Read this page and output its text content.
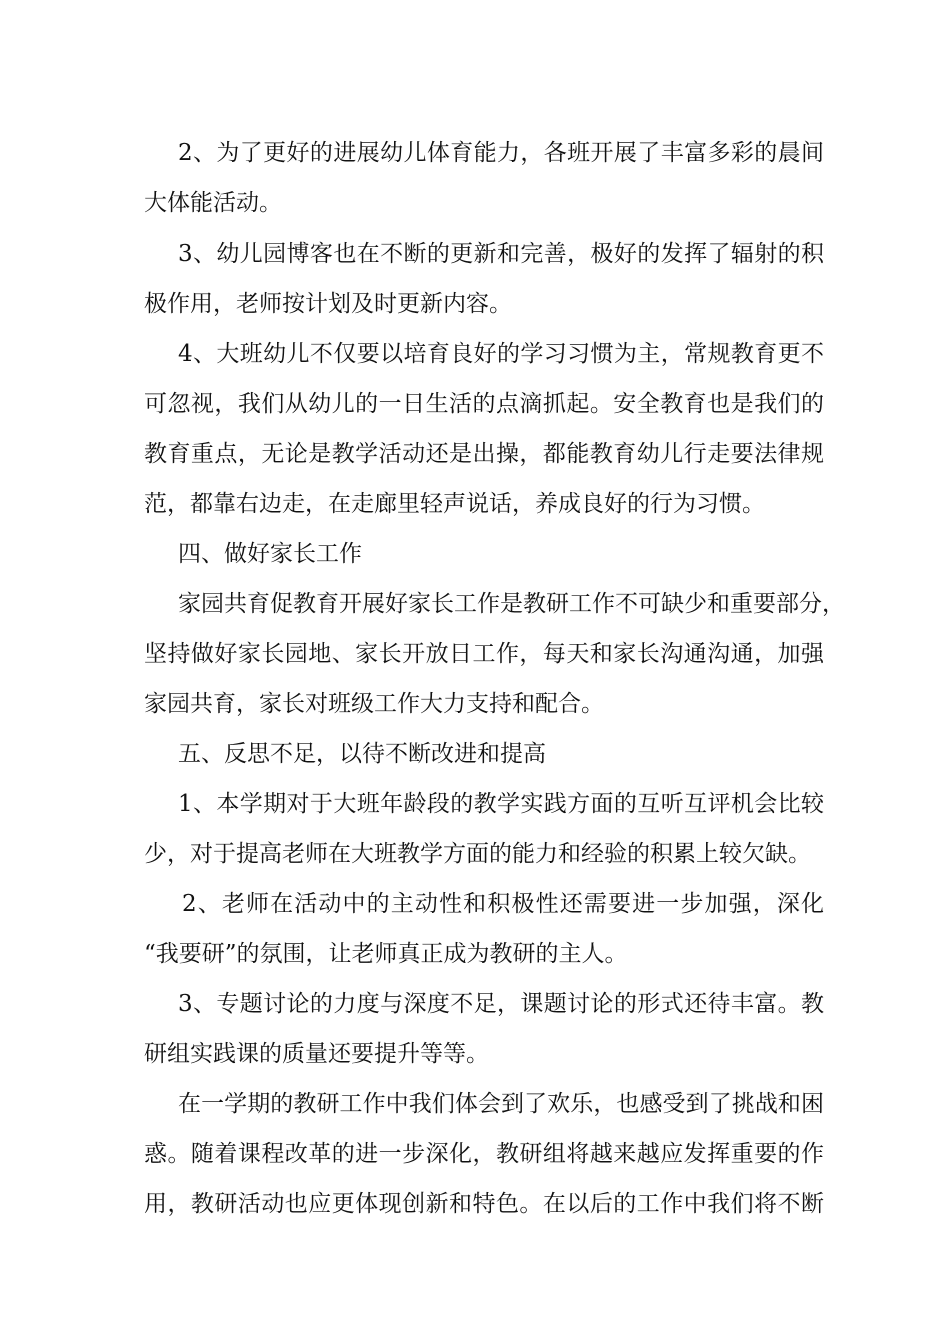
2、为了更好的进展幼儿体育能力，各班开展了丰富多彩的晨间
大体能活动。
3、幼儿园博客也在不断的更新和完善，极好的发挥了辐射的积
极作用，老师按计划及时更新内容。
4、大班幼儿不仅要以培育良好的学习习惯为主，常规教育更不
可忽视，我们从幼儿的一日生活的点滴抓起。安全教育也是我们的
教育重点，无论是教学活动还是出操，都能教育幼儿行走要法律规
范，都靠右边走，在走廊里轻声说话，养成良好的行为习惯。
四、做好家长工作
家园共育促教育开展好家长工作是教研工作不可缺少和重要部分，
坚持做好家长园地、家长开放日工作，每天和家长沟通沟通，加强
家园共育，家长对班级工作大力支持和配合。
五、反思不足，以待不断改进和提高
1、本学期对于大班年龄段的教学实践方面的互听互评机会比较
少，对于提高老师在大班教学方面的能力和经验的积累上较欠缺。
2、老师在活动中的主动性和积极性还需要进一步加强，深化
“我要研”的氛围，让老师真正成为教研的主人。
3、专题讨论的力度与深度不足，课题讨论的形式还待丰富。教
研组实践课的质量还要提升等等。
在一学期的教研工作中我们体会到了欢乐，也感受到了挑战和困
惑。随着课程改革的进一步深化，教研组将越来越应发挥重要的作
用，教研活动也应更体现创新和特色。在以后的工作中我们将不断
